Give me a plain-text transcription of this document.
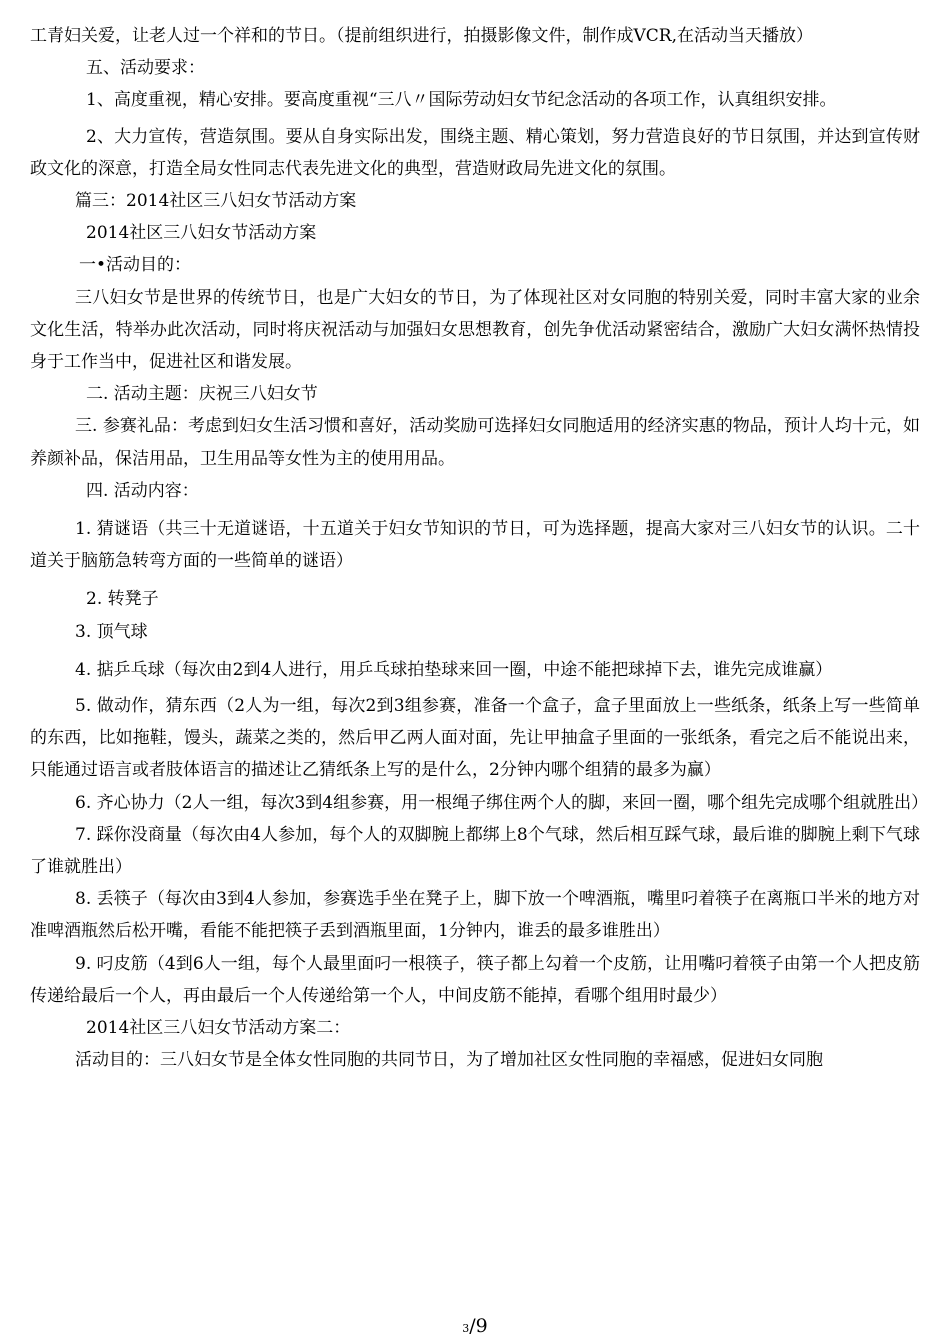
工青妇关爱，让老人过一个祥和的节日。（提前组织进行，拍摄影像文件，制作成VCR,在活动当天播放）

五、活动要求：

1、高度重视，精心安排。要高度重视“三八〃国际劳动妇女节纪念活动的各项工作，认真组织安排。

2、大力宣传，营造氛围。要从自身实际出发，围绕主题、精心策划，努力营造良好的节日氛围，并达到宣传财政文化的深意，打造全局女性同志代表先进文化的典型，营造财政局先进文化的氛围。

篇三：2014社区三八妇女节活动方案

2014社区三八妇女节活动方案

一•活动目的：

三八妇女节是世界的传统节日，也是广大妇女的节日，为了体现社区对女同胞的特别关爱，同时丰富大家的业余文化生活，特举办此次活动，同时将庆祝活动与加强妇女思想教育，创先争优活动紧密结合，激励广大妇女满怀热情投身于工作当中，促进社区和谐发展。

二. 活动主题：庆祝三八妇女节

三. 参赛礼品：考虑到妇女生活习惯和喜好，活动奖励可选择妇女同胞适用的经济实惠的物品，预计人均十元，如养颜补品，保洁用品，卫生用品等女性为主的使用用品。

四. 活动内容：

1. 猜谜语（共三十无道谜语，十五道关于妇女节知识的节日，可为选择题，提高大家对三八妇女节的认识。二十道关于脑筋急转弯方面的一些简单的谜语）

2. 转凳子

3. 顶气球

4. 掂乒乓球（每次由2到4人进行，用乒乓球拍垫球来回一圈，中途不能把球掉下去，谁先完成谁赢）

5. 做动作，猜东西（2人为一组，每次2到3组参赛，准备一个盒子，盒子里面放上一些纸条，纸条上写一些简单的东西，比如拖鞋，馒头，蔬菜之类的，然后甲乙两人面对面，先让甲抽盒子里面的一张纸条，看完之后不能说出来，只能通过语言或者肢体语言的描述让乙猜纸条上写的是什么，2分钟内哪个组猜的最多为赢）

6. 齐心协力（2人一组，每次3到4组参赛，用一根绳子绑住两个人的脚，来回一圈，哪个组先完成哪个组就胜出）

7. 踩你没商量（每次由4人参加，每个人的双脚腕上都绑上8个气球，然后相互踩气球，最后谁的脚腕上剩下气球了谁就胜出）

8. 丢筷子（每次由3到4人参加，参赛选手坐在凳子上，脚下放一个啤酒瓶，嘴里叼着筷子在离瓶口半米的地方对准啤酒瓶然后松开嘴，看能不能把筷子丢到酒瓶里面，1分钟内，谁丢的最多谁胜出）

9. 叼皮筋（4到6人一组，每个人最里面叼一根筷子，筷子都上勾着一个皮筋，让用嘴叼着筷子由第一个人把皮筋传递给最后一个人，再由最后一个人传递给第一个人，中间皮筋不能掉，看哪个组用时最少）

2014社区三八妇女节活动方案二：

活动目的：三八妇女节是全体女性同胞的共同节日，为了增加社区女性同胞的幸福感，促进妇女同胞

3/9
